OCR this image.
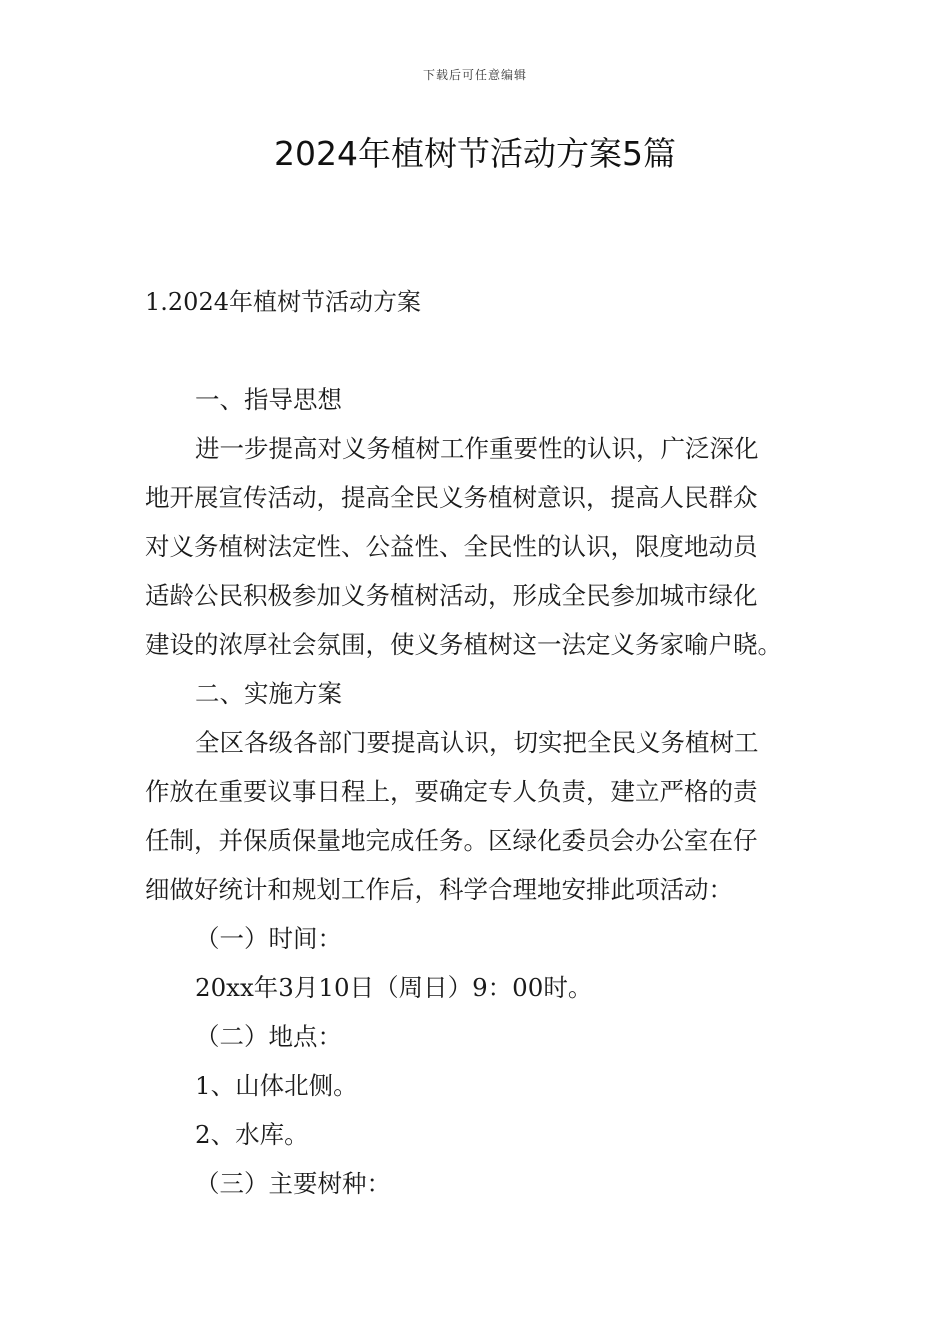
下载后可任意编辑
2024年植树节活动方案5篇
1.2024年植树节活动方案
一、指导思想
进一步提高对义务植树工作重要性的认识，广泛深化
地开展宣传活动，提高全民义务植树意识，提高人民群众
对义务植树法定性、公益性、全民性的认识，限度地动员
适龄公民积极参加义务植树活动，形成全民参加城市绿化
建设的浓厚社会氛围，使义务植树这一法定义务家喻户晓。
二、实施方案
全区各级各部门要提高认识，切实把全民义务植树工
作放在重要议事日程上，要确定专人负责，建立严格的责
任制，并保质保量地完成任务。区绿化委员会办公室在仔
细做好统计和规划工作后，科学合理地安排此项活动：
（一）时间：
20xx年3月10日（周日）9：00时。
（二）地点：
1、山体北侧。
2、水库。
（三）主要树种：
